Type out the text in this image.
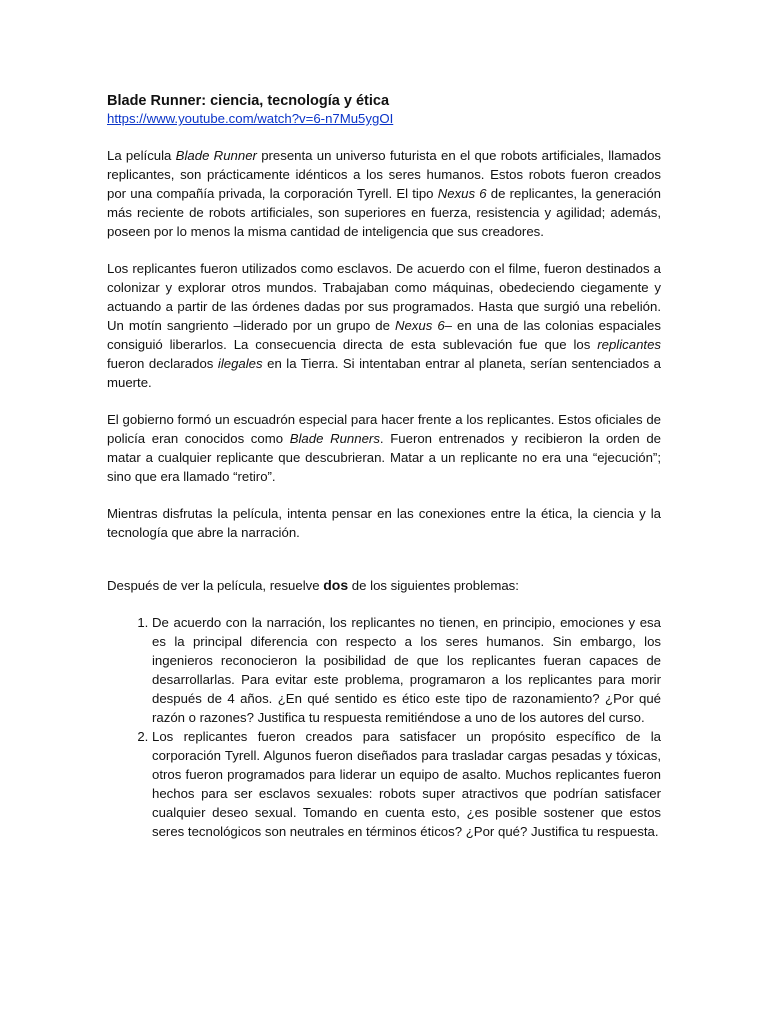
Blade Runner: ciencia, tecnología y ética
https://www.youtube.com/watch?v=6-n7Mu5ygOI

La película Blade Runner presenta un universo futurista en el que robots artificiales, llamados replicantes, son prácticamente idénticos a los seres humanos. Estos robots fueron creados por una compañía privada, la corporación Tyrell. El tipo Nexus 6 de replicantes, la generación más reciente de robots artificiales, son superiores en fuerza, resistencia y agilidad; además, poseen por lo menos la misma cantidad de inteligencia que sus creadores.

Los replicantes fueron utilizados como esclavos. De acuerdo con el filme, fueron destinados a colonizar y explorar otros mundos. Trabajaban como máquinas, obedeciendo ciegamente y actuando a partir de las órdenes dadas por sus programados. Hasta que surgió una rebelión. Un motín sangriento –liderado por un grupo de Nexus 6– en una de las colonias espaciales consiguió liberarlos. La consecuencia directa de esta sublevación fue que los replicantes fueron declarados ilegales en la Tierra. Si intentaban entrar al planeta, serían sentenciados a muerte.

El gobierno formó un escuadrón especial para hacer frente a los replicantes. Estos oficiales de policía eran conocidos como Blade Runners. Fueron entrenados y recibieron la orden de matar a cualquier replicante que descubrieran. Matar a un replicante no era una “ejecución”; sino que era llamado “retiro”.

Mientras disfrutas la película, intenta pensar en las conexiones entre la ética, la ciencia y la tecnología que abre la narración.

Después de ver la película, resuelve dos de los siguientes problemas:

1. De acuerdo con la narración, los replicantes no tienen, en principio, emociones y esa es la principal diferencia con respecto a los seres humanos. Sin embargo, los ingenieros reconocieron la posibilidad de que los replicantes fueran capaces de desarrollarlas. Para evitar este problema, programaron a los replicantes para morir después de 4 años. ¿En qué sentido es ético este tipo de razonamiento? ¿Por qué razón o razones? Justifica tu respuesta remitiéndose a uno de los autores del curso.
2. Los replicantes fueron creados para satisfacer un propósito específico de la corporación Tyrell. Algunos fueron diseñados para trasladar cargas pesadas y tóxicas, otros fueron programados para liderar un equipo de asalto. Muchos replicantes fueron hechos para ser esclavos sexuales: robots super atractivos que podrían satisfacer cualquier deseo sexual. Tomando en cuenta esto, ¿es posible sostener que estos seres tecnológicos son neutrales en términos éticos? ¿Por qué? Justifica tu respuesta.
